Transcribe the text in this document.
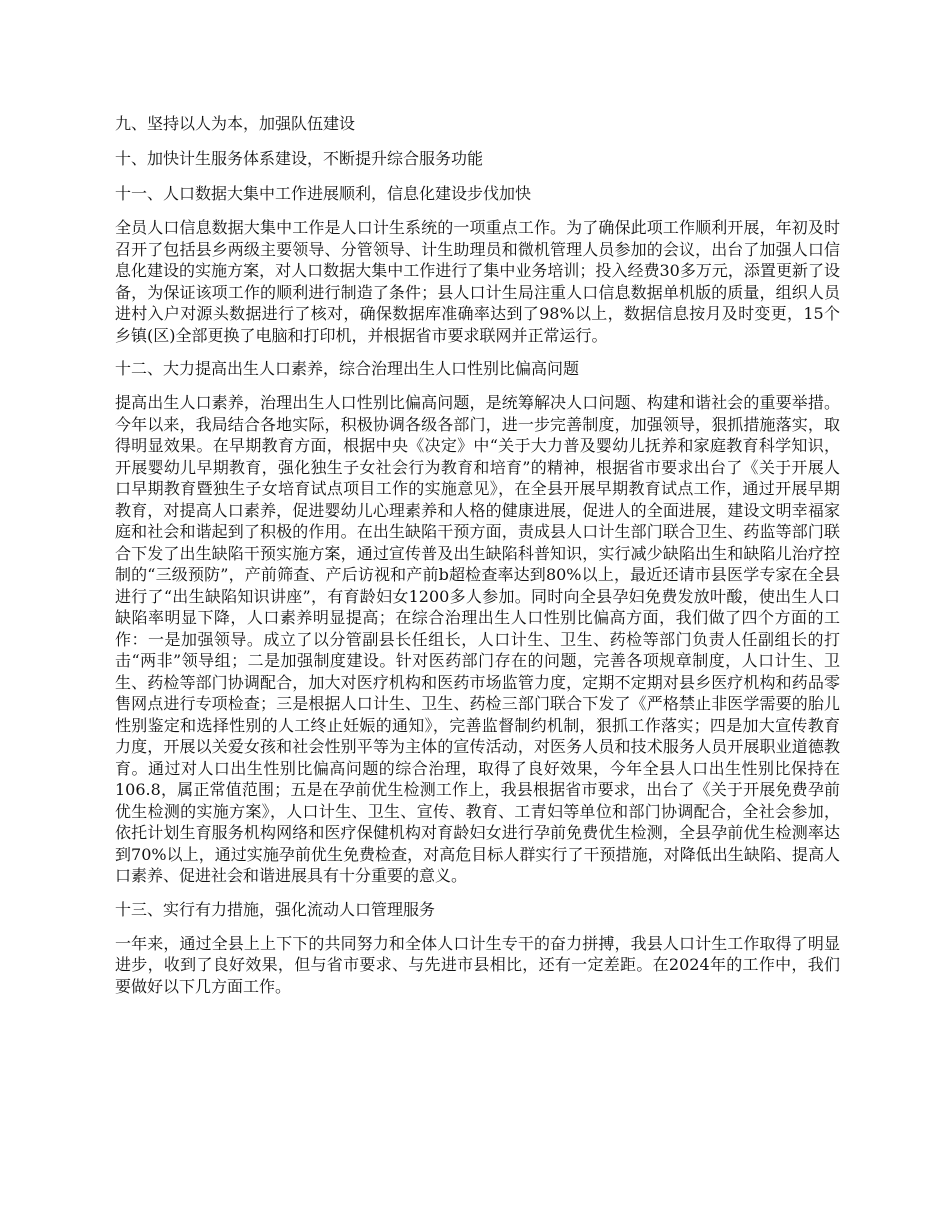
九、坚持以人为本，加强队伍建设
十、加快计生服务体系建设，不断提升综合服务功能
十一、人口数据大集中工作进展顺利，信息化建设步伐加快
全员人口信息数据大集中工作是人口计生系统的一项重点工作。为了确保此项工作顺利开展，年初及时召开了包括县乡两级主要领导、分管领导、计生助理员和微机管理人员参加的会议，出台了加强人口信息化建设的实施方案，对人口数据大集中工作进行了集中业务培训；投入经费30多万元，添置更新了设备，为保证该项工作的顺利进行制造了条件；县人口计生局注重人口信息数据单机版的质量，组织人员进村入户对源头数据进行了核对，确保数据库准确率达到了98%以上，数据信息按月及时变更，15个乡镇(区)全部更换了电脑和打印机，并根据省市要求联网并正常运行。
十二、大力提高出生人口素养，综合治理出生人口性别比偏高问题
提高出生人口素养，治理出生人口性别比偏高问题，是统筹解决人口问题、构建和谐社会的重要举措。今年以来，我局结合各地实际，积极协调各级各部门，进一步完善制度，加强领导，狠抓措施落实，取得明显效果。在早期教育方面，根据中央《决定》中“关于大力普及婴幼儿抚养和家庭教育科学知识，开展婴幼儿早期教育，强化独生子女社会行为教育和培育”的精神，根据省市要求出台了《关于开展人口早期教育暨独生子女培育试点项目工作的实施意见》，在全县开展早期教育试点工作，通过开展早期教育，对提高人口素养，促进婴幼儿心理素养和人格的健康进展，促进人的全面进展，建设文明幸福家庭和社会和谐起到了积极的作用。在出生缺陷干预方面，责成县人口计生部门联合卫生、药监等部门联合下发了出生缺陷干预实施方案，通过宣传普及出生缺陷科普知识，实行减少缺陷出生和缺陷儿治疗控制的“三级预防”，产前筛查、产后访视和产前b超检查率达到80%以上，最近还请市县医学专家在全县进行了“出生缺陷知识讲座”，有育龄妇女1200多人参加。同时向全县孕妇免费发放叶酸，使出生人口缺陷率明显下降，人口素养明显提高；在综合治理出生人口性别比偏高方面，我们做了四个方面的工作：一是加强领导。成立了以分管副县长任组长，人口计生、卫生、药检等部门负责人任副组长的打击“两非”领导组；二是加强制度建设。针对医药部门存在的问题，完善各项规章制度，人口计生、卫生、药检等部门协调配合，加大对医疗机构和医药市场监管力度，定期不定期对县乡医疗机构和药品零售网点进行专项检查；三是根据人口计生、卫生、药检三部门联合下发了《严格禁止非医学需要的胎儿性别鉴定和选择性别的人工终止妊娠的通知》，完善监督制约机制，狠抓工作落实；四是加大宣传教育力度，开展以关爱女孩和社会性别平等为主体的宣传活动，对医务人员和技术服务人员开展职业道德教育。通过对人口出生性别比偏高问题的综合治理，取得了良好效果，今年全县人口出生性别比保持在106.8，属正常值范围；五是在孕前优生检测工作上，我县根据省市要求，出台了《关于开展免费孕前优生检测的实施方案》，人口计生、卫生、宣传、教育、工青妇等单位和部门协调配合，全社会参加，依托计划生育服务机构网络和医疗保健机构对育龄妇女进行孕前免费优生检测，全县孕前优生检测率达到70%以上，通过实施孕前优生免费检查，对高危目标人群实行了干预措施，对降低出生缺陷、提高人口素养、促进社会和谐进展具有十分重要的意义。
十三、实行有力措施，强化流动人口管理服务
一年来，通过全县上上下下的共同努力和全体人口计生专干的奋力拼搏，我县人口计生工作取得了明显进步，收到了良好效果，但与省市要求、与先进市县相比，还有一定差距。在2024年的工作中，我们要做好以下几方面工作。
